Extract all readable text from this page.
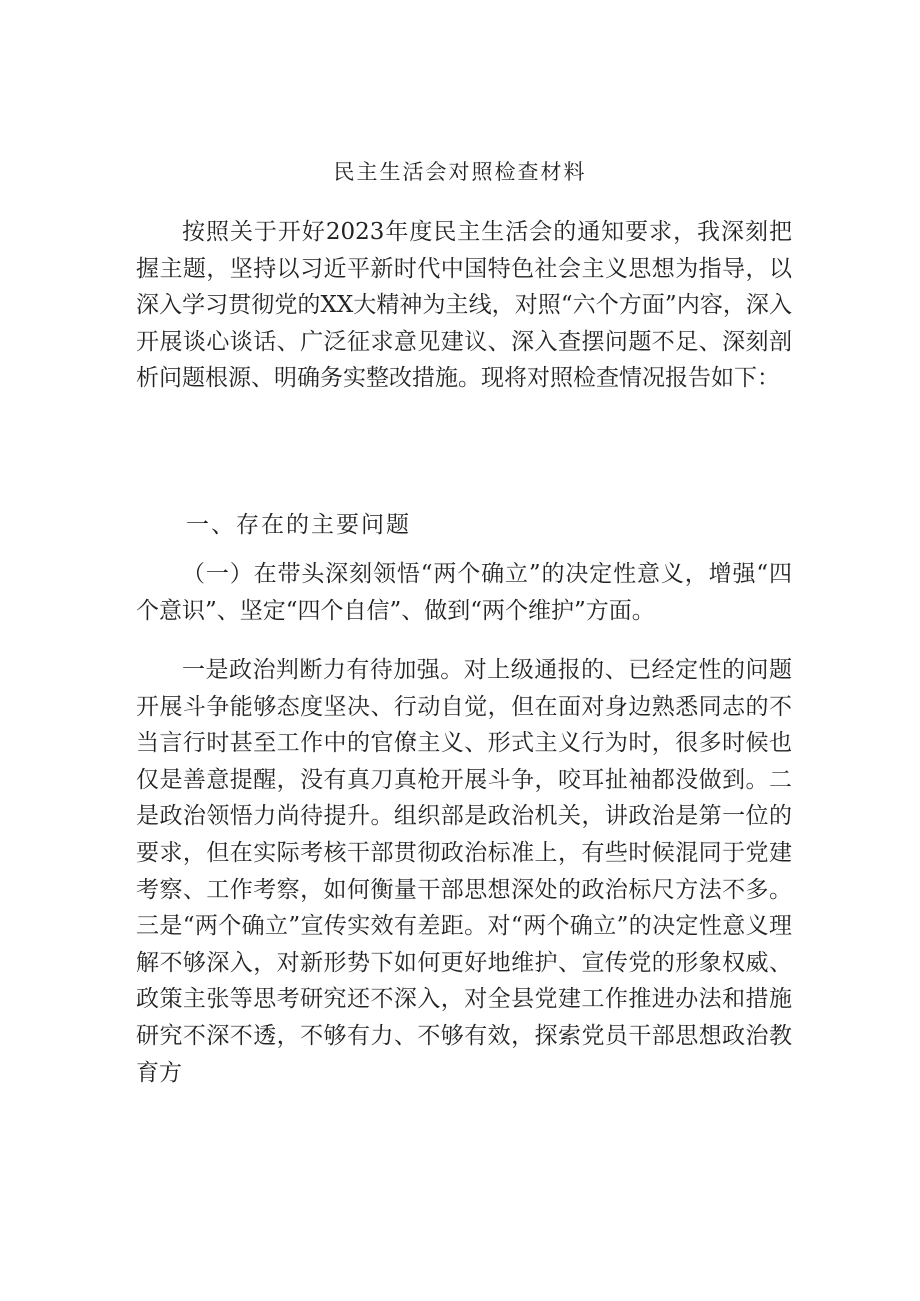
民主生活会对照检查材料

按照关于开好2023年度民主生活会的通知要求，我深刻把握主题，坚持以习近平新时代中国特色社会主义思想为指导，以深入学习贯彻党的XX大精神为主线，对照“六个方面”内容，深入开展谈心谈话、广泛征求意见建议、深入查摆问题不足、深刻剖析问题根源、明确务实整改措施。现将对照检查情况报告如下：

一、存在的主要问题

（一）在带头深刻领悟“两个确立”的决定性意义，增强“四个意识”、坚定“四个自信”、做到“两个维护”方面。

一是政治判断力有待加强。对上级通报的、已经定性的问题开展斗争能够态度坚决、行动自觉，但在面对身边熟悉同志的不当言行时甚至工作中的官僚主义、形式主义行为时，很多时候也仅是善意提醒，没有真刀真枪开展斗争，咬耳扯袖都没做到。二是政治领悟力尚待提升。组织部是政治机关，讲政治是第一位的要求，但在实际考核干部贯彻政治标准上，有些时候混同于党建考察、工作考察，如何衡量干部思想深处的政治标尺方法不多。三是“两个确立”宣传实效有差距。对“两个确立”的决定性意义理解不够深入，对新形势下如何更好地维护、宣传党的形象权威、政策主张等思考研究还不深入，对全县党建工作推进办法和措施研究不深不透，不够有力、不够有效，探索党员干部思想政治教育方
